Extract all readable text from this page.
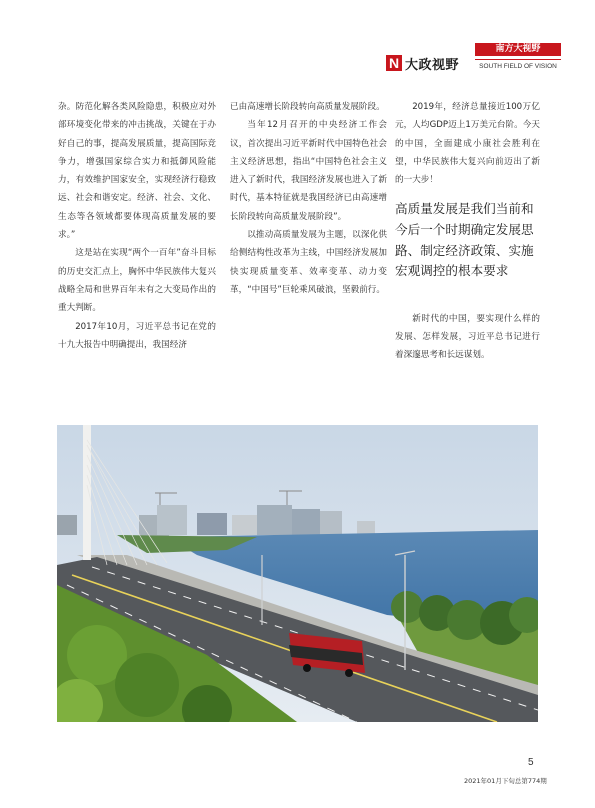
N 大政视野
南方大视野
SOUTH FIELD OF VISION

杂。防范化解各类风险隐患，积极应对外部环境变化带来的冲击挑战，关键在于办好自己的事，提高发展质量，提高国际竞争力，增强国家综合实力和抵御风险能力，有效维护国家安全，实现经济行稳致远、社会和谐安定。经济、社会、文化、生态等各领域都要体现高质量发展的要求。”

这是站在实现“两个一百年”奋斗目标的历史交汇点上，胸怀中华民族伟大复兴战略全局和世界百年未有之大变局作出的重大判断。

2017年10月，习近平总书记在党的十九大报告中明确提出，我国经济

已由高速增长阶段转向高质量发展阶段。

当年12月召开的中央经济工作会议，首次提出习近平新时代中国特色社会主义经济思想，指出“中国特色社会主义进入了新时代，我国经济发展也进入了新时代，基本特征就是我国经济已由高速增长阶段转向高质量发展阶段”。

以推动高质量发展为主题，以深化供给侧结构性改革为主线，中国经济发展加快实现质量变革、效率变革、动力变革，“中国号”巨轮乘风破浪，坚毅前行。

2019年，经济总量接近100万亿元，人均GDP迈上1万美元台阶。今天的中国，全面建成小康社会胜利在望，中华民族伟大复兴向前迈出了新的一大步！

高质量发展是我们当前和今后一个时期确定发展思路、制定经济政策、实施宏观调控的根本要求

新时代的中国，要实现什么样的发展、怎样发展，习近平总书记进行着深邃思考和长远谋划。

5
2021年01月下旬总第774期
